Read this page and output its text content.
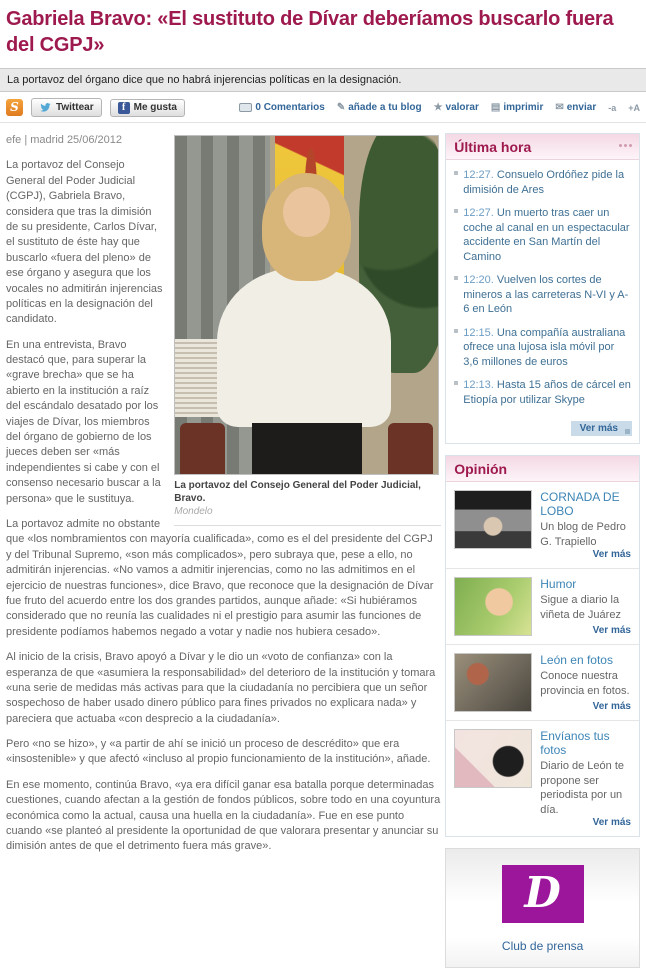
Gabriela Bravo: «El sustituto de Dívar deberíamos buscarlo fuera del CGPJ»
La portavoz del órgano dice que no habrá injerencias políticas en la designación.
S	Twittear	f Me gusta	0 Comentarios ✎ añade a tu blog ★ valorar ▤ imprimir ✉ enviar -a +A
La portavoz del Consejo General del Poder Judicial, Bravo.
Mondelo

efe | madrid 25/06/2012

La portavoz del Consejo General del Poder Judicial (CGPJ), Gabriela Bravo, considera que tras la dimisión de su presidente, Carlos Dívar, el sustituto de éste hay que buscarlo «fuera del pleno» de ese órgano y asegura que los vocales no admitirán injerencias políticas en la designación del candidato.

En una entrevista, Bravo destacó que, para superar la «grave brecha» que se ha abierto en la institución a raíz del escándalo desatado por los viajes de Dívar, los miembros del órgano de gobierno de los jueces deben ser «más independientes si cabe y con el consenso necesario buscar a la persona» que le sustituya.

La portavoz admite no obstante que «los nombramientos con mayoría cualificada», como es el del presidente del CGPJ y del Tribunal Supremo, «son más complicados», pero subraya que, pese a ello, no admitirán injerencias. «No vamos a admitir injerencias, como no las admitimos en el ejercicio de nuestras funciones», dice Bravo, que reconoce que la designación de Dívar fue fruto del acuerdo entre los dos grandes partidos, aunque añade: «Si hubiéramos considerado que no reunía las cualidades ni el prestigio para asumir las funciones de presidente podíamos habemos negado a votar y nadie nos hubiera cesado».

Al inicio de la crisis, Bravo apoyó a Dívar y le dio un «voto de confianza» con la esperanza de que «asumiera la responsabilidad» del deterioro de la institución y tomara «una serie de medidas más activas para que la ciudadanía no percibiera que un señor sospechoso de haber usado dinero público para fines privados no explicara nada» y pareciera que actuaba «con desprecio a la ciudadanía».

Pero «no se hizo», y «a partir de ahí se inició un proceso de descrédito» que era «insostenible» y que afectó «incluso al propio funcionamiento de la institución», añade.

En ese momento, continúa Bravo, «ya era difícil ganar esa batalla porque determinadas cuestiones, cuando afectan a la gestión de fondos públicos, sobre todo en una coyuntura económica como la actual, causa una huella en la ciudadanía». Fue en ese punto cuando «se planteó al presidente la oportunidad de que valorara presentar y anunciar su dimisión antes de que el detrimento fuera más grave».

Última hora
12:27. Consuelo Ordóñez pide la dimisión de Ares
12:27. Un muerto tras caer un coche al canal en un espectacular accidente en San Martín del Camino
12:20. Vuelven los cortes de mineros a las carreteras N-VI y A-6 en León
12:15. Una compañía australiana ofrece una lujosa isla móvil por 3,6 millones de euros
12:13. Hasta 15 años de cárcel en Etiopía por utilizar Skype
Ver más
Opinión
CORNADA DE LOBO
Un blog de Pedro G. Trapiello
Ver más
Humor
Sigue a diario la viñeta de Juárez
Ver más
León en fotos
Conoce nuestra provincia en fotos.
Ver más
Envíanos tus fotos
Diario de León te propone ser periodista por un día.
Ver más
D
Club de prensa
